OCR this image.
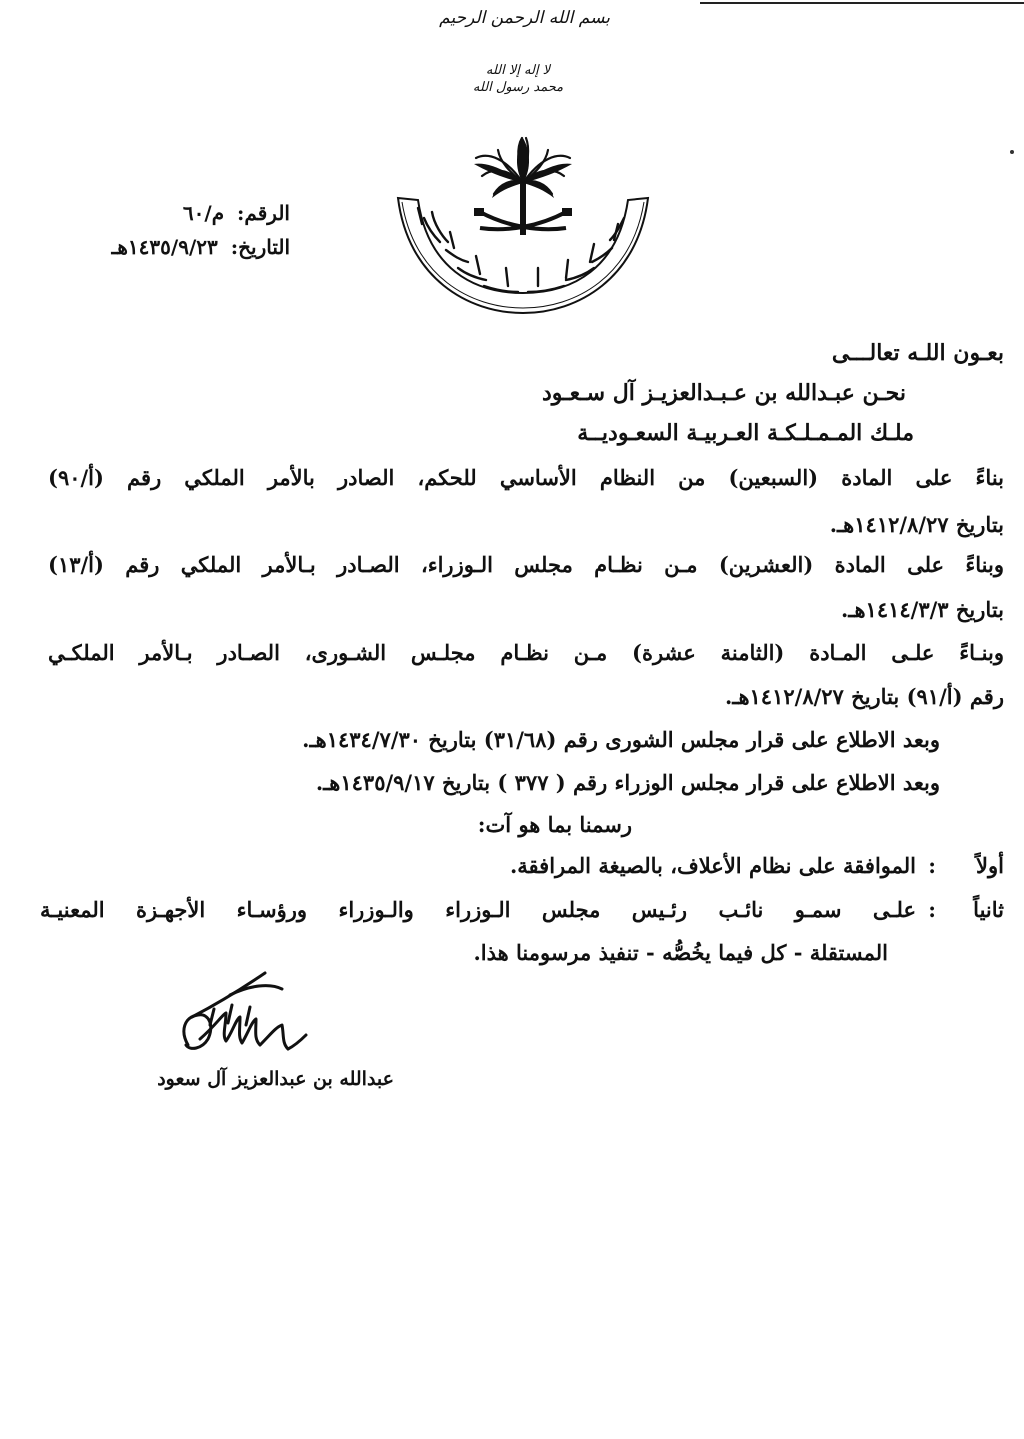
بسم الله الرحمن الرحيم
لا إله إلا الله محمد رسول الله
الرقم: م/٦٠
التاريخ: ١٤٣٥/٩/٢٣هـ
بعـون اللـه تعالـــى
نحـن عبـدالله بن عـبـدالعزيـز آل سـعـود
ملـك المـمـلـكـة العـربيـة السعـوديــة
بناءً على المادة (السبعين) من النظام الأساسي للحكم، الصادر بالأمر الملكي رقم (أ/٩٠)
بتاريخ ١٤١٢/٨/٢٧هـ.
وبناءً على المادة (العشرين) مـن نظـام مجلس الـوزراء، الصـادر بـالأمر الملكي رقم (أ/١٣)
بتاريخ ١٤١٤/٣/٣هـ.
وبنـاءً علـى المـادة (الثامنة عشرة) مـن نظـام مجلـس الشـورى، الصـادر بـالأمر الملكـي
رقم (أ/٩١) بتاريخ ١٤١٢/٨/٢٧هـ.
وبعد الاطلاع على قرار مجلس الشورى رقم (٣١/٦٨) بتاريخ ١٤٣٤/٧/٣٠هـ.
وبعد الاطلاع على قرار مجلس الوزراء رقم ( ٣٧٧ ) بتاريخ ١٤٣٥/٩/١٧هـ.
رسمنا بما هو آت:
أولاً
:
الموافقة على نظام الأعلاف، بالصيغة المرافقة.
ثانياً
:
علـى سمـو نائـب رئـيس مجلس الـوزراء والـوزراء ورؤسـاء الأجهـزة المعنيـة
المستقلة - كل فيما يخُصُّه - تنفيذ مرسومنا هذا.
عبدالله بن عبدالعزيز آل سعود
